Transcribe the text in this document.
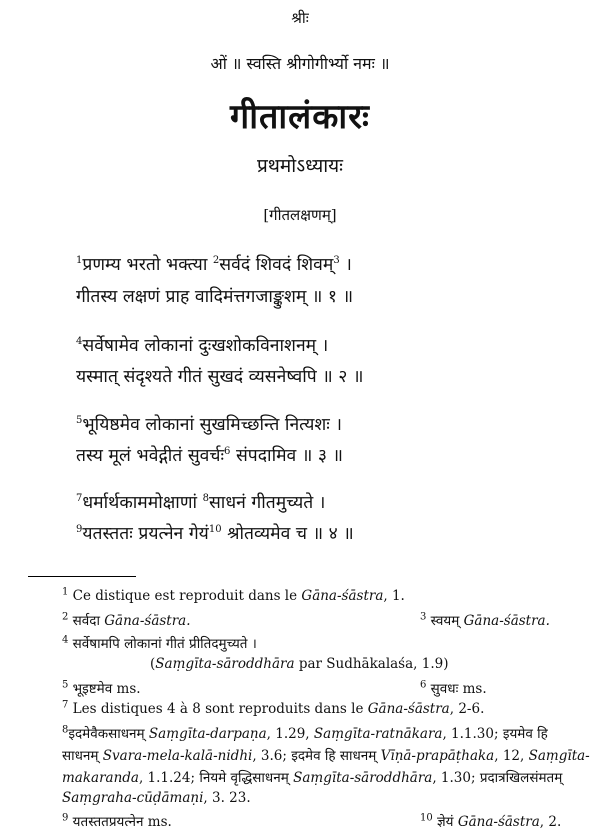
श्रीः
ओं ॥ स्वस्ति श्रीगोगीर्भ्यो नमः ॥
गीतालंकारः
प्रथमोऽध्यायः
[गीतलक्षणम्]
$^1$प्रणम्य भरतो भक्त्या $^2$सर्वदं शिवदं शिवम्$^3$ ।
गीतस्य लक्षणं प्राह वादिमंत्तगजाङ्कुशम् ॥ १ ॥
$^4$सर्वेषामेव लोकानां दुःखशोकविनाशनम् ।
यस्मात् संदृश्यते गीतं सुखदं व्यसनेष्वपि ॥ २ ॥
$^5$भूयिष्ठमेव लोकानां सुखमिच्छन्ति नित्यशः ।
तस्य मूलं भवेद्गीतं सुवर्चः$^6$ संपदामिव ॥ ३ ॥
$^7$धर्मार्थकाममोक्षाणां $^8$साधनं गीतमुच्यते ।
$^9$यतस्ततः प्रयत्नेन गेयं$^{10}$ श्रोतव्यमेव च ॥ ४ ॥
$^1$ Ce distique est reproduit dans le Gāna-śāstra, 1.
$^2$ सर्वदा Gāna-śāstra.	$^3$ स्वयम् Gāna-śāstra.
$^4$ सर्वेषामपि लोकानां गीतं प्रीतिदमुच्यते ।
(Saṃgīta-sāroddhāra par Sudhākalaśa, 1.9)
$^5$ भूइष्टमेव ms.	$^6$ सुवधः ms.
$^7$ Les distiques 4 à 8 sont reproduits dans le Gāna-śāstra, 2-6.
$^8$इदमेवैकसाधनम् Saṃgīta-darpaṇa, 1.29, Saṃgīta-ratnākara, 1.1.30; इयमेव हि
साधनम् Svara-mela-kalā-nidhi, 3.6; इदमेव हि साधनम् Vīṇā-prapāṭhaka, 12, Saṃgīta-
makaranda, 1.1.24; नियमे वृद्धिसाधनम् Saṃgīta-sāroddhāra, 1.30; प्रदात्रखिलसंमतम्
Saṃgraha-cūḍāmaṇi, 3. 23.
$^9$ यतस्ततप्रयत्नेन ms.	$^{10}$ ज्ञेयं Gāna-śāstra, 2.
